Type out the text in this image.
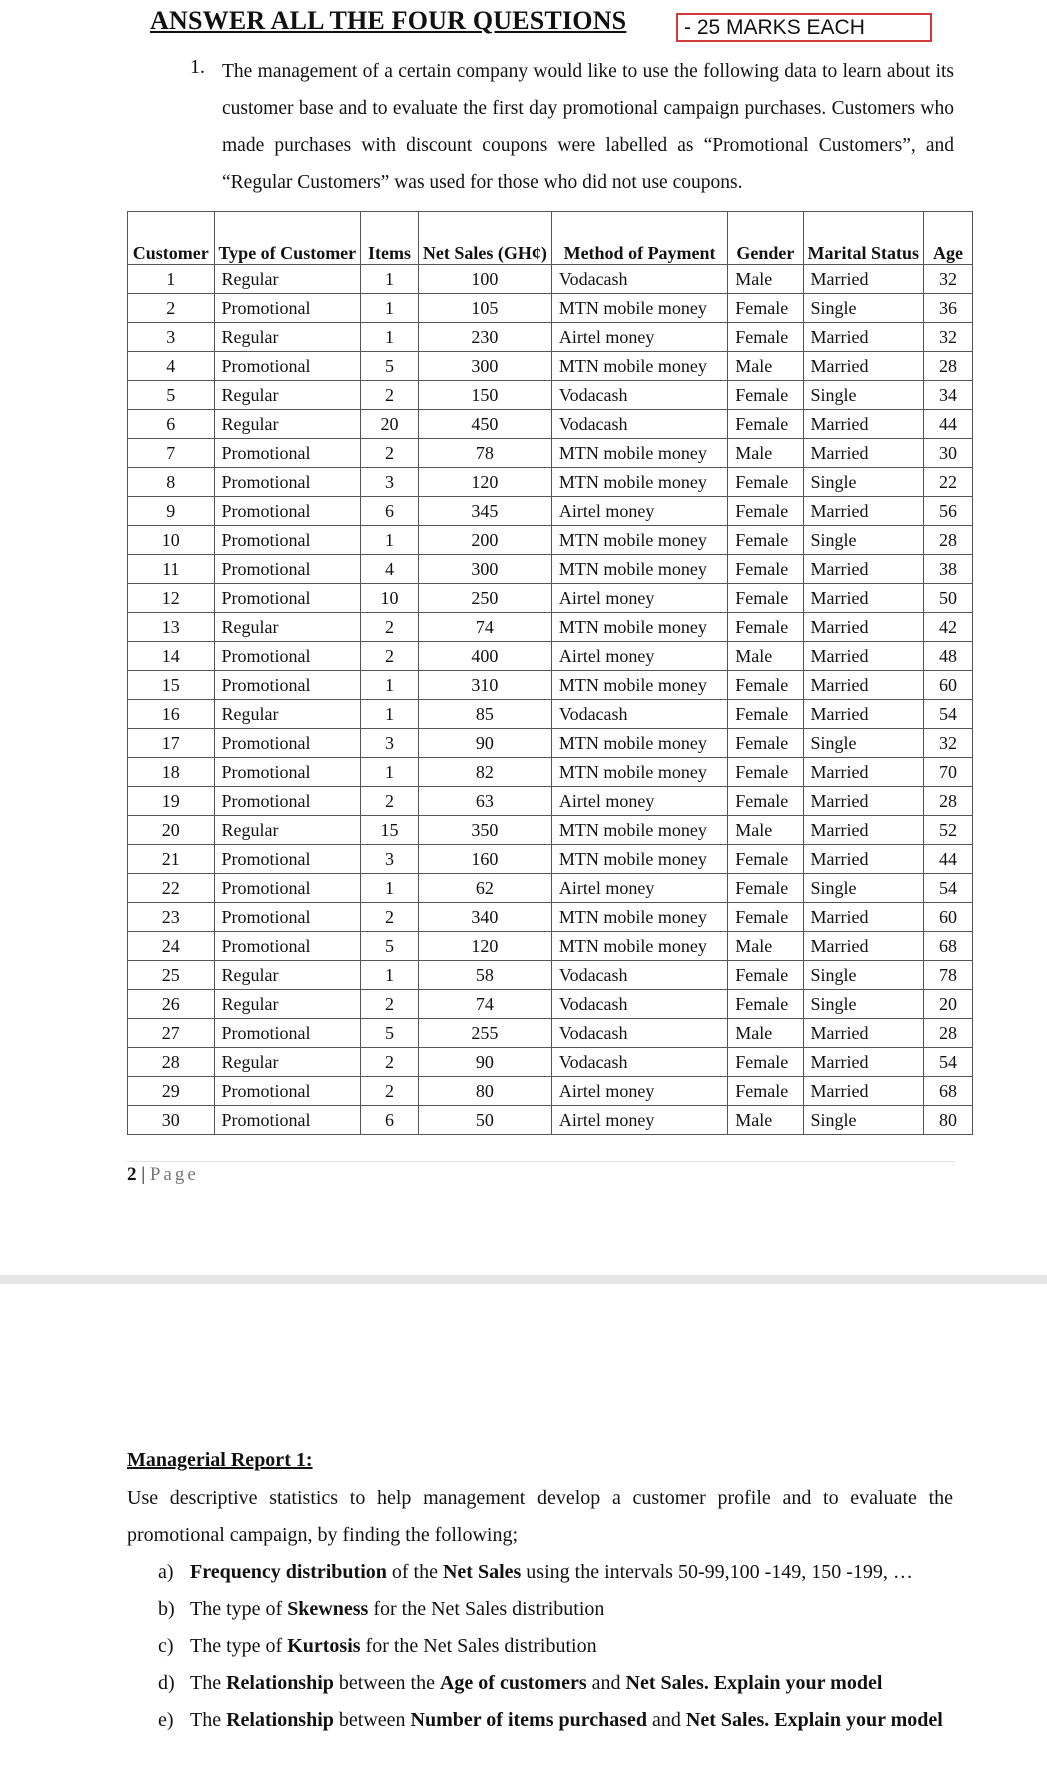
ANSWER ALL THE FOUR QUESTIONS	- 25 MARKS EACH
1. The management of a certain company would like to use the following data to learn about its customer base and to evaluate the first day promotional campaign purchases. Customers who made purchases with discount coupons were labelled as “Promotional Customers”, and “Regular Customers” was used for those who did not use coupons.
Customer	Type of Customer	Items	Net Sales (GH¢)	Method of Payment	Gender	Marital Status	Age
1	Regular	1	100	Vodacash	Male	Married	32
2	Promotional	1	105	MTN mobile money	Female	Single	36
3	Regular	1	230	Airtel money	Female	Married	32
4	Promotional	5	300	MTN mobile money	Male	Married	28
5	Regular	2	150	Vodacash	Female	Single	34
6	Regular	20	450	Vodacash	Female	Married	44
7	Promotional	2	78	MTN mobile money	Male	Married	30
8	Promotional	3	120	MTN mobile money	Female	Single	22
9	Promotional	6	345	Airtel money	Female	Married	56
10	Promotional	1	200	MTN mobile money	Female	Single	28
11	Promotional	4	300	MTN mobile money	Female	Married	38
12	Promotional	10	250	Airtel money	Female	Married	50
13	Regular	2	74	MTN mobile money	Female	Married	42
14	Promotional	2	400	Airtel money	Male	Married	48
15	Promotional	1	310	MTN mobile money	Female	Married	60
16	Regular	1	85	Vodacash	Female	Married	54
17	Promotional	3	90	MTN mobile money	Female	Single	32
18	Promotional	1	82	MTN mobile money	Female	Married	70
19	Promotional	2	63	Airtel money	Female	Married	28
20	Regular	15	350	MTN mobile money	Male	Married	52
21	Promotional	3	160	MTN mobile money	Female	Married	44
22	Promotional	1	62	Airtel money	Female	Single	54
23	Promotional	2	340	MTN mobile money	Female	Married	60
24	Promotional	5	120	MTN mobile money	Male	Married	68
25	Regular	1	58	Vodacash	Female	Single	78
26	Regular	2	74	Vodacash	Female	Single	20
27	Promotional	5	255	Vodacash	Male	Married	28
28	Regular	2	90	Vodacash	Female	Married	54
29	Promotional	2	80	Airtel money	Female	Married	68
30	Promotional	6	50	Airtel money	Male	Single	80
2 | Page
Managerial Report 1:
Use descriptive statistics to help management develop a customer profile and to evaluate the promotional campaign, by finding the following;
a) Frequency distribution of the Net Sales using the intervals 50-99,100 -149, 150 -199, …
b) The type of Skewness for the Net Sales distribution
c) The type of Kurtosis for the Net Sales distribution
d) The Relationship between the Age of customers and Net Sales. Explain your model
e) The Relationship between Number of items purchased and Net Sales. Explain your model
